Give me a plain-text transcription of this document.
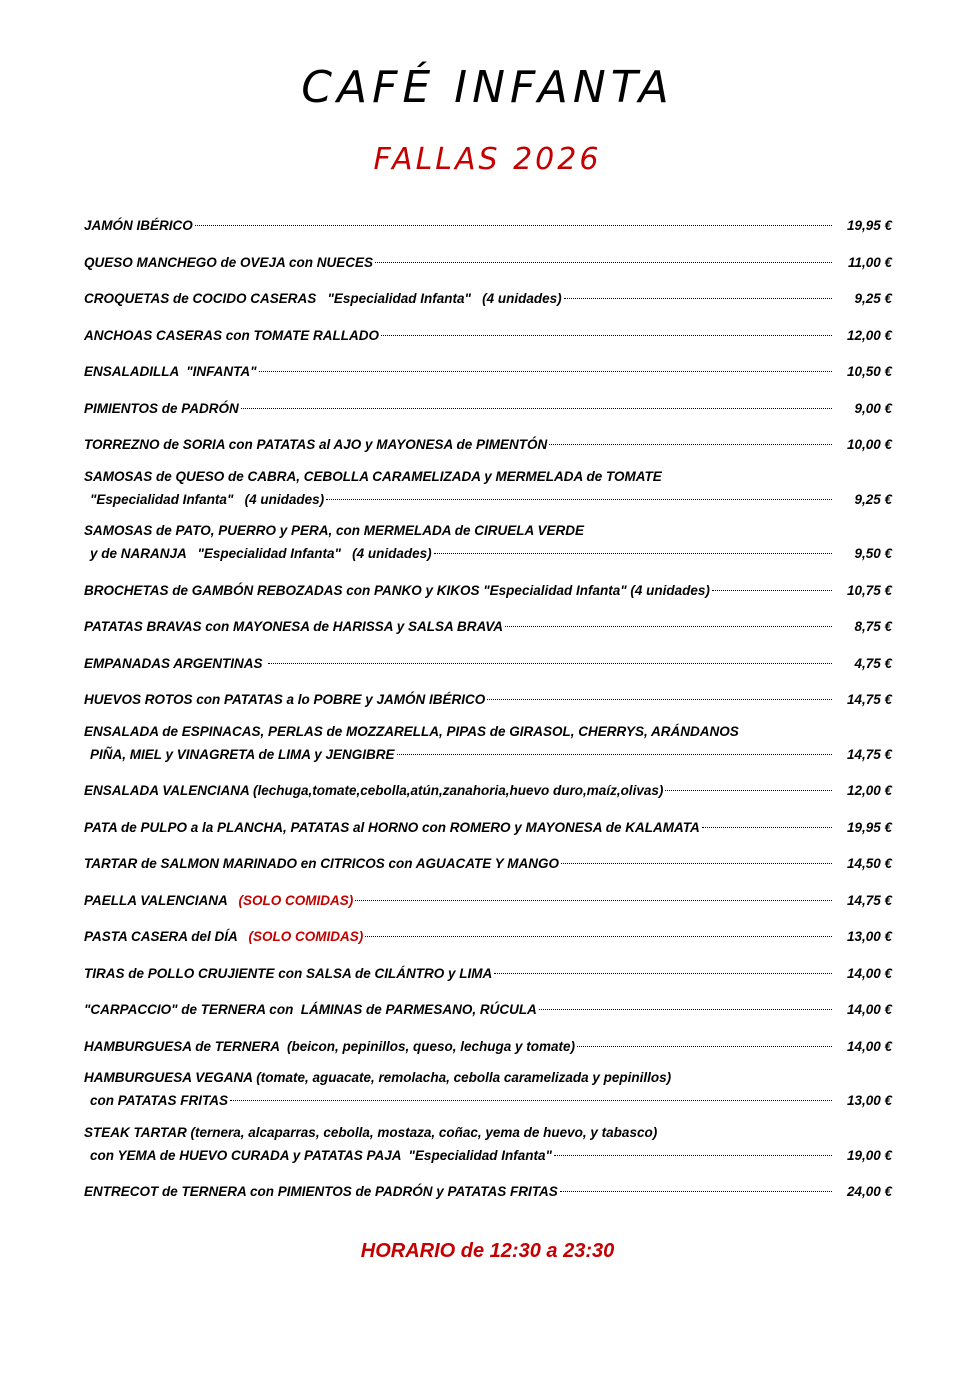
CAFÉ INFANTA
FALLAS 2026
JAMÓN IBÉRICO	19,95 €
QUESO MANCHEGO de OVEJA con NUECES	11,00 €
CROQUETAS de COCIDO CASERAS   "Especialidad Infanta"   (4 unidades)	9,25 €
ANCHOAS CASERAS con TOMATE RALLADO	12,00 €
ENSALADILLA  "INFANTA"	10,50 €
PIMIENTOS de PADRÓN	9,00 €
TORREZNO de SORIA con PATATAS al AJO y MAYONESA de PIMENTÓN	10,00 €
SAMOSAS de QUESO de CABRA, CEBOLLA CARAMELIZADA y MERMELADA de TOMATE
"Especialidad Infanta"   (4 unidades)	9,25 €
SAMOSAS de PATO, PUERRO y PERA, con MERMELADA de CIRUELA VERDE
y de NARANJA   "Especialidad Infanta"   (4 unidades)	9,50 €
BROCHETAS de GAMBÓN REBOZADAS con PANKO y KIKOS "Especialidad Infanta" (4 unidades)	10,75 €
PATATAS BRAVAS con MAYONESA de HARISSA y SALSA BRAVA	8,75 €
EMPANADAS ARGENTINAS	4,75 €
HUEVOS ROTOS con PATATAS a lo POBRE y JAMÓN IBÉRICO	14,75 €
ENSALADA de ESPINACAS, PERLAS de MOZZARELLA, PIPAS de GIRASOL, CHERRYS, ARÁNDANOS
PIÑA, MIEL y VINAGRETA de LIMA y JENGIBRE	14,75 €
ENSALADA VALENCIANA (lechuga,tomate,cebolla,atún,zanahoria,huevo duro,maíz,olivas)	12,00 €
PATA de PULPO a la PLANCHA, PATATAS al HORNO con ROMERO y MAYONESA de KALAMATA	19,95 €
TARTAR de SALMON MARINADO en CITRICOS con AGUACATE Y MANGO	14,50 €
PAELLA VALENCIANA (SOLO COMIDAS)	14,75 €
PASTA CASERA del DÍA (SOLO COMIDAS)	13,00 €
TIRAS de POLLO CRUJIENTE con SALSA de CILÁNTRO y LIMA	14,00 €
"CARPACCIO" de TERNERA con  LÁMINAS de PARMESANO, RÚCULA	14,00 €
HAMBURGUESA de TERNERA  (beicon, pepinillos, queso, lechuga y tomate)	14,00 €
HAMBURGUESA VEGANA (tomate, aguacate, remolacha, cebolla caramelizada y pepinillos)
con PATATAS FRITAS	13,00 €
STEAK TARTAR (ternera, alcaparras, cebolla, mostaza, coñac, yema de huevo, y tabasco)
con YEMA de HUEVO CURADA y PATATAS PAJA  "Especialidad Infanta"	19,00 €
ENTRECOT de TERNERA con PIMIENTOS de PADRÓN y PATATAS FRITAS	24,00 €
HORARIO de 12:30 a 23:30
